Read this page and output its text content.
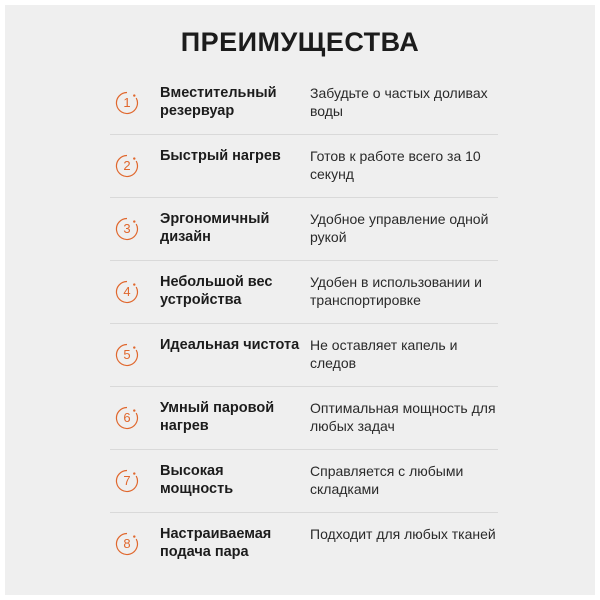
ПРЕИМУЩЕСТВА
1
Вместительный резервуар
Забудьте о частых доливах воды
2
Быстрый нагрев	Готов к работе всего за 10 секунд
3
Эргономичный дизайн
Удобное управление одной рукой
4
Небольшой вес устройства
Удобен в использовании и транспортировке
5
Идеальная чистота Не оставляет капель и следов
6
Умный паровой нагрев
Оптимальная мощность для любых задач
7
Высокая мощность
Справляется с любыми складками
8
Настраиваемая подача пара
Подходит для любых тканей
